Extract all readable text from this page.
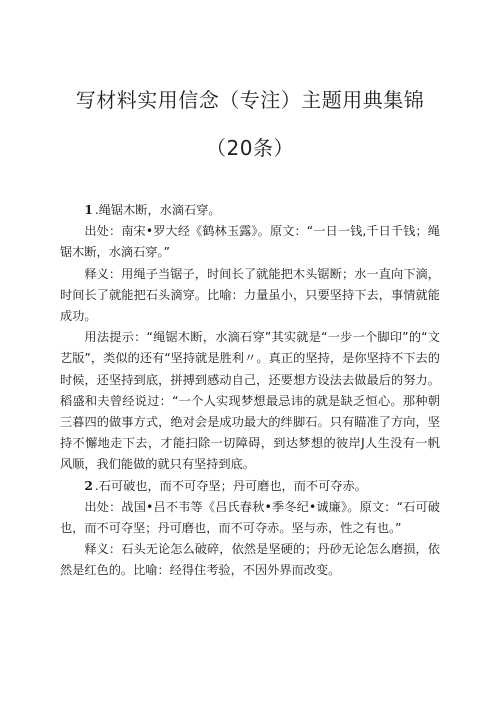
写材料实用信念（专注）主题用典集锦
（20条）

1 .绳锯木断，水滴石穿。

出处：南宋•罗大经《鹤林玉露》。原文：“一日一钱,千日千钱；绳锯木断，水滴石穿。”

释义：用绳子当锯子，时间长了就能把木头锯断；水一直向下滴，时间长了就能把石头滴穿。比喻：力量虽小，只要坚持下去，事情就能成功。

用法提示：“绳锯木断，水滴石穿”其实就是“一步一个脚印”的“文艺版”，类似的还有“坚持就是胜利〃。真正的坚持，是你坚持不下去的时候，还坚持到底，拼搏到感动自己，还要想方设法去做最后的努力。稻盛和夫曾经说过：“一个人实现梦想最忌讳的就是缺乏恒心。那种朝三暮四的做事方式，绝对会是成功最大的绊脚石。只有瞄准了方向，坚持不懈地走下去，才能扫除一切障碍，到达梦想的彼岸J人生没有一帆风顺，我们能做的就只有坚持到底。

2 .石可破也，而不可夺坚；丹可磨也，而不可夺赤。

出处：战国•吕不韦等《吕氏春秋•季冬纪•诚廉》。原文：“石可破也，而不可夺坚；丹可磨也，而不可夺赤。坚与赤，性之有也。”

释义：石头无论怎么破碎，依然是坚硬的；丹砂无论怎么磨损，依然是红色的。比喻：经得住考验，不因外界而改变。
